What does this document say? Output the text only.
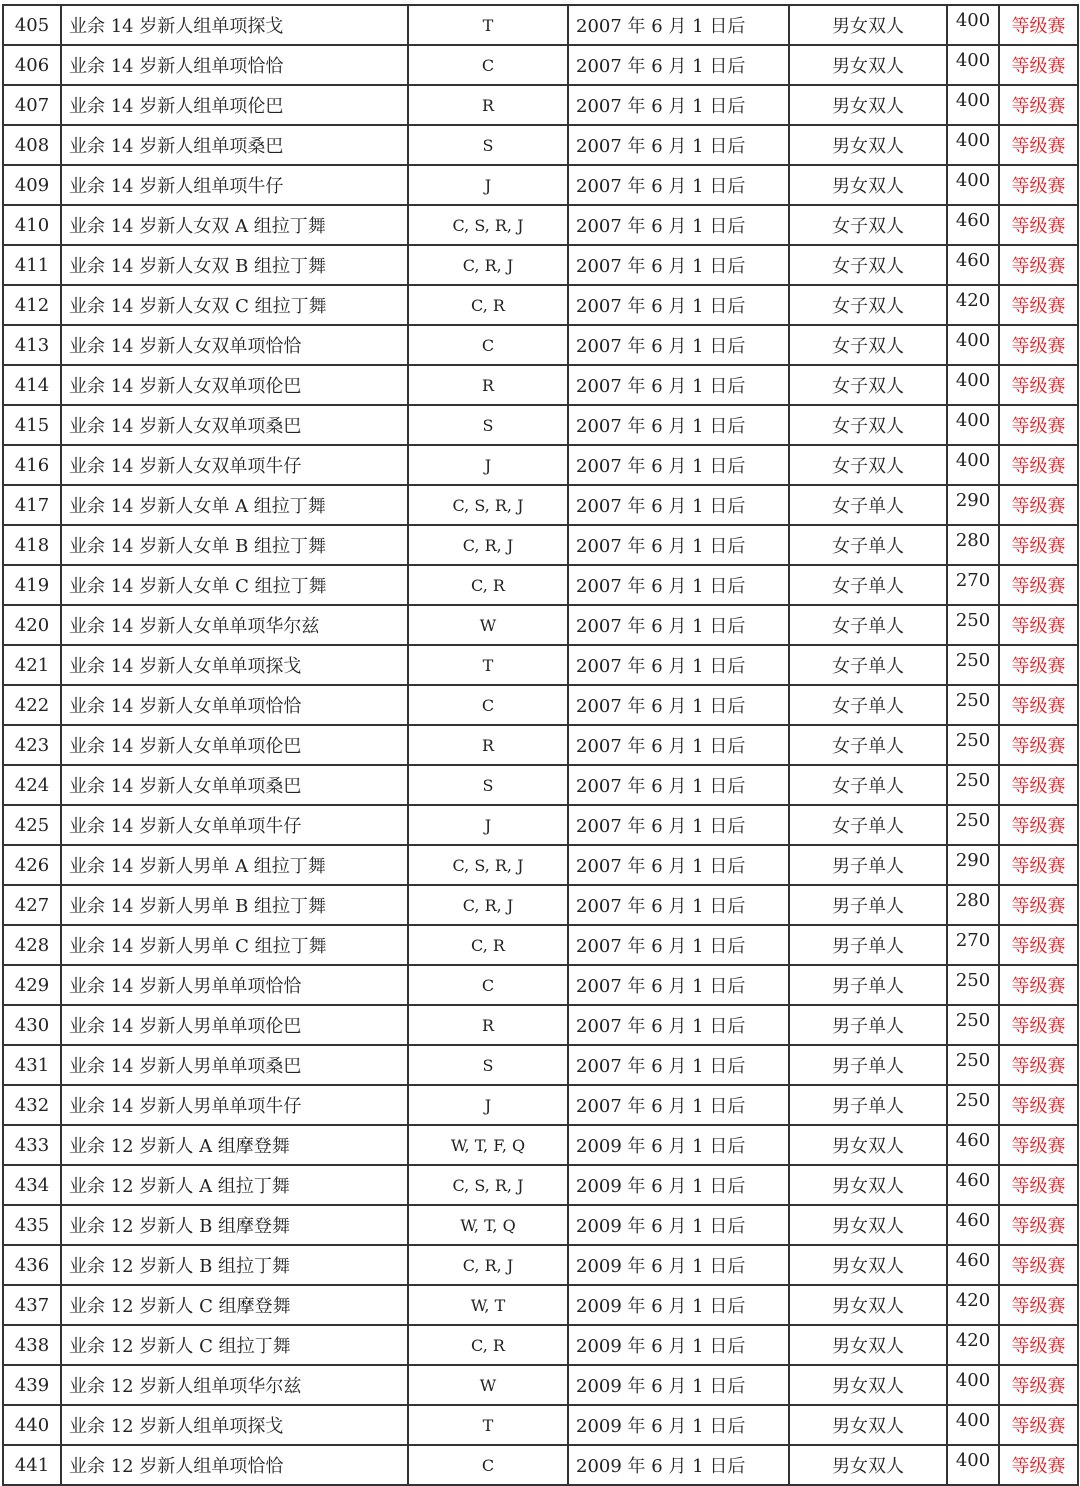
405	业余 14 岁新人组单项探戈	T	2007 年 6 月 1 日后	男女双人	400	等级赛
406	业余 14 岁新人组单项恰恰	C	2007 年 6 月 1 日后	男女双人	400	等级赛
407	业余 14 岁新人组单项伦巴	R	2007 年 6 月 1 日后	男女双人	400	等级赛
408	业余 14 岁新人组单项桑巴	S	2007 年 6 月 1 日后	男女双人	400	等级赛
409	业余 14 岁新人组单项牛仔	J	2007 年 6 月 1 日后	男女双人	400	等级赛
410	业余 14 岁新人女双 A 组拉丁舞	C, S, R, J	2007 年 6 月 1 日后	女子双人	460	等级赛
411	业余 14 岁新人女双 B 组拉丁舞	C, R, J	2007 年 6 月 1 日后	女子双人	460	等级赛
412	业余 14 岁新人女双 C 组拉丁舞	C, R	2007 年 6 月 1 日后	女子双人	420	等级赛
413	业余 14 岁新人女双单项恰恰	C	2007 年 6 月 1 日后	女子双人	400	等级赛
414	业余 14 岁新人女双单项伦巴	R	2007 年 6 月 1 日后	女子双人	400	等级赛
415	业余 14 岁新人女双单项桑巴	S	2007 年 6 月 1 日后	女子双人	400	等级赛
416	业余 14 岁新人女双单项牛仔	J	2007 年 6 月 1 日后	女子双人	400	等级赛
417	业余 14 岁新人女单 A 组拉丁舞	C, S, R, J	2007 年 6 月 1 日后	女子单人	290	等级赛
418	业余 14 岁新人女单 B 组拉丁舞	C, R, J	2007 年 6 月 1 日后	女子单人	280	等级赛
419	业余 14 岁新人女单 C 组拉丁舞	C, R	2007 年 6 月 1 日后	女子单人	270	等级赛
420	业余 14 岁新人女单单项华尔兹	W	2007 年 6 月 1 日后	女子单人	250	等级赛
421	业余 14 岁新人女单单项探戈	T	2007 年 6 月 1 日后	女子单人	250	等级赛
422	业余 14 岁新人女单单项恰恰	C	2007 年 6 月 1 日后	女子单人	250	等级赛
423	业余 14 岁新人女单单项伦巴	R	2007 年 6 月 1 日后	女子单人	250	等级赛
424	业余 14 岁新人女单单项桑巴	S	2007 年 6 月 1 日后	女子单人	250	等级赛
425	业余 14 岁新人女单单项牛仔	J	2007 年 6 月 1 日后	女子单人	250	等级赛
426	业余 14 岁新人男单 A 组拉丁舞	C, S, R, J	2007 年 6 月 1 日后	男子单人	290	等级赛
427	业余 14 岁新人男单 B 组拉丁舞	C, R, J	2007 年 6 月 1 日后	男子单人	280	等级赛
428	业余 14 岁新人男单 C 组拉丁舞	C, R	2007 年 6 月 1 日后	男子单人	270	等级赛
429	业余 14 岁新人男单单项恰恰	C	2007 年 6 月 1 日后	男子单人	250	等级赛
430	业余 14 岁新人男单单项伦巴	R	2007 年 6 月 1 日后	男子单人	250	等级赛
431	业余 14 岁新人男单单项桑巴	S	2007 年 6 月 1 日后	男子单人	250	等级赛
432	业余 14 岁新人男单单项牛仔	J	2007 年 6 月 1 日后	男子单人	250	等级赛
433	业余 12 岁新人 A 组摩登舞	W, T, F, Q	2009 年 6 月 1 日后	男女双人	460	等级赛
434	业余 12 岁新人 A 组拉丁舞	C, S, R, J	2009 年 6 月 1 日后	男女双人	460	等级赛
435	业余 12 岁新人 B 组摩登舞	W, T, Q	2009 年 6 月 1 日后	男女双人	460	等级赛
436	业余 12 岁新人 B 组拉丁舞	C, R, J	2009 年 6 月 1 日后	男女双人	460	等级赛
437	业余 12 岁新人 C 组摩登舞	W, T	2009 年 6 月 1 日后	男女双人	420	等级赛
438	业余 12 岁新人 C 组拉丁舞	C, R	2009 年 6 月 1 日后	男女双人	420	等级赛
439	业余 12 岁新人组单项华尔兹	W	2009 年 6 月 1 日后	男女双人	400	等级赛
440	业余 12 岁新人组单项探戈	T	2009 年 6 月 1 日后	男女双人	400	等级赛
441	业余 12 岁新人组单项恰恰	C	2009 年 6 月 1 日后	男女双人	400	等级赛
